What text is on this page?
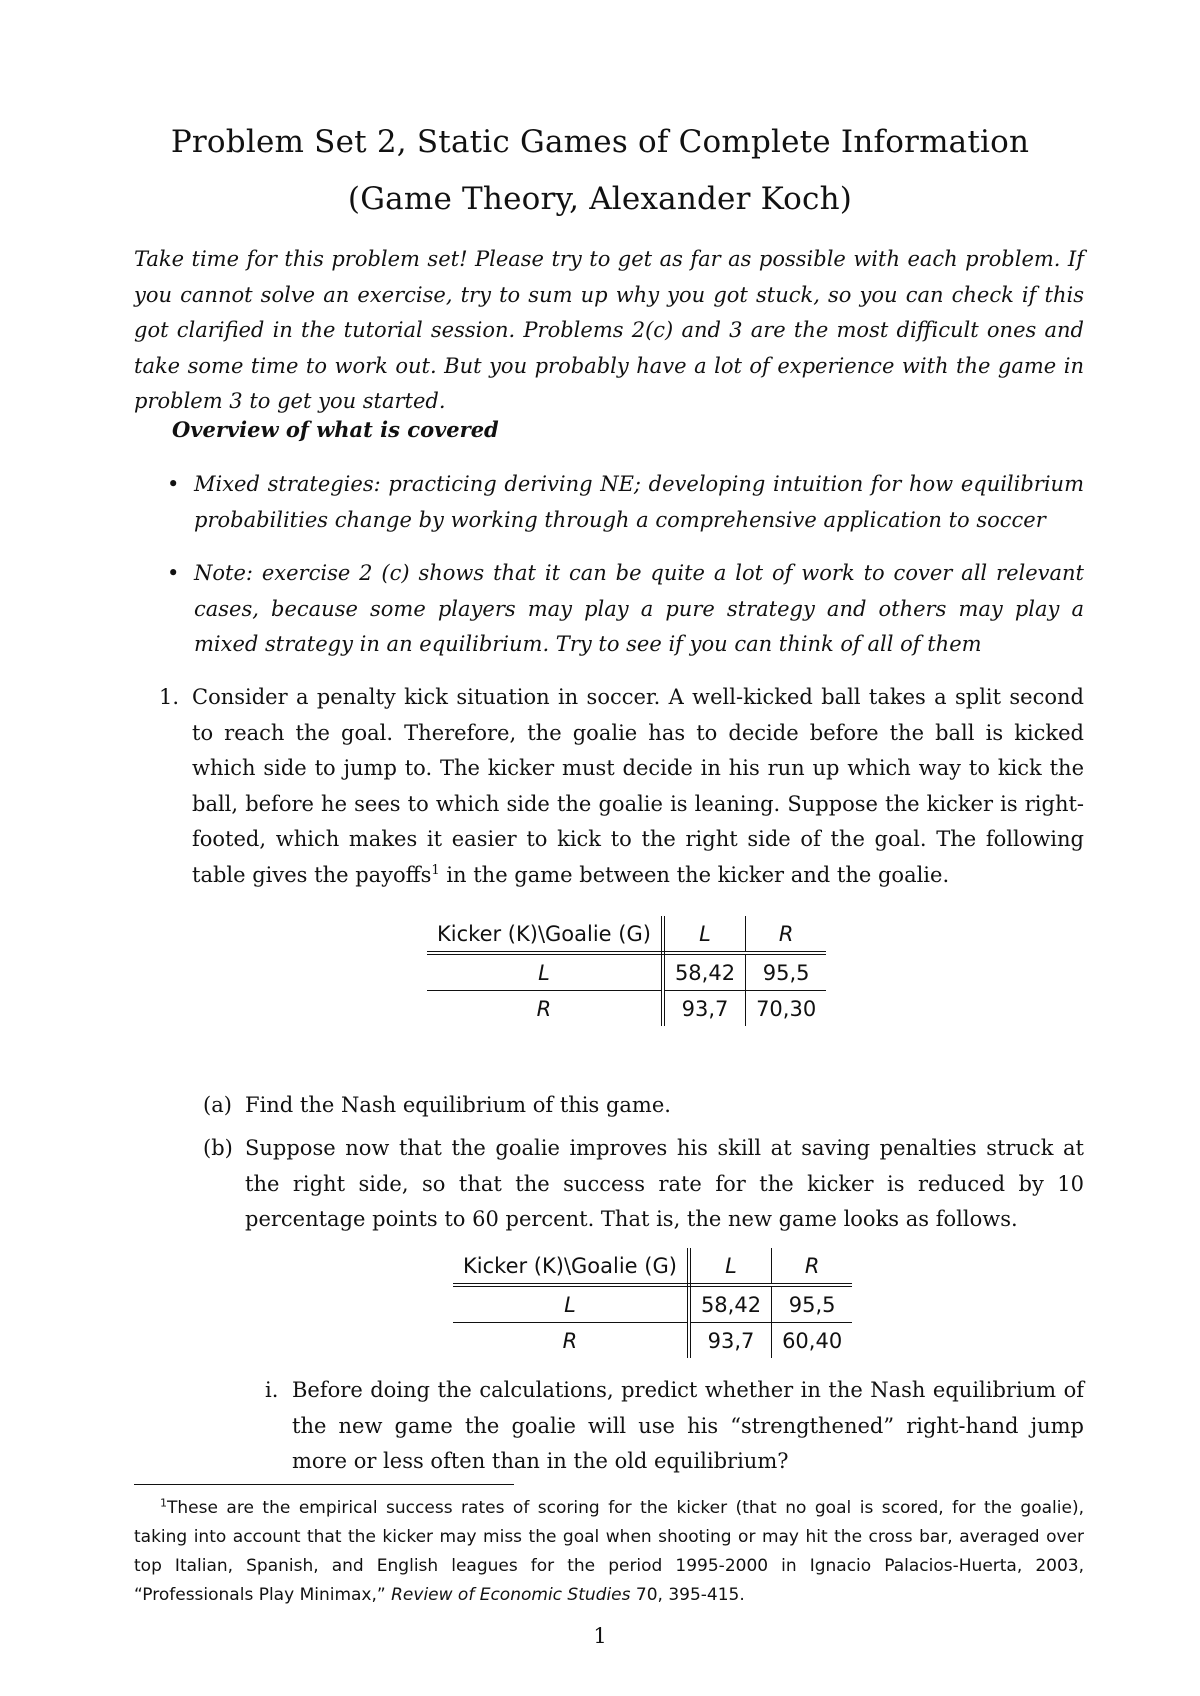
Problem Set 2, Static Games of Complete Information
(Game Theory, Alexander Koch)
Take time for this problem set! Please try to get as far as possible with each problem. If you cannot solve an exercise, try to sum up why you got stuck, so you can check if this got clarified in the tutorial session. Problems 2(c) and 3 are the most difficult ones and take some time to work out. But you probably have a lot of experience with the game in problem 3 to get you started.
Overview of what is covered
• Mixed strategies: practicing deriving NE; developing intuition for how equilibrium probabilities change by working through a comprehensive application to soccer
• Note: exercise 2 (c) shows that it can be quite a lot of work to cover all relevant cases, because some players may play a pure strategy and others may play a mixed strategy in an equilibrium. Try to see if you can think of all of them
1. Consider a penalty kick situation in soccer. A well-kicked ball takes a split second to reach the goal. Therefore, the goalie has to decide before the ball is kicked which side to jump to. The kicker must decide in his run up which way to kick the ball, before he sees to which side the goalie is leaning. Suppose the kicker is right-footed, which makes it easier to kick to the right side of the goal. The following table gives the payoffs$^1$ in the game between the kicker and the goalie.
Kicker (K)\Goalie (G)	L	R
L	58,42	95,5
R	93,7	70,30
(a) Find the Nash equilibrium of this game.
(b) Suppose now that the goalie improves his skill at saving penalties struck at the right side, so that the success rate for the kicker is reduced by 10 percentage points to 60 percent. That is, the new game looks as follows.
Kicker (K)\Goalie (G)	L	R
L	58,42	95,5
R	93,7	60,40
i. Before doing the calculations, predict whether in the Nash equilibrium of the new game the goalie will use his “strengthened” right-hand jump more or less often than in the old equilibrium?
$^1$These are the empirical success rates of scoring for the kicker (that no goal is scored, for the goalie), taking into account that the kicker may miss the goal when shooting or may hit the cross bar, averaged over top Italian, Spanish, and English leagues for the period 1995-2000 in Ignacio Palacios-Huerta, 2003, “Professionals Play Minimax,” Review of Economic Studies 70, 395-415.
1
